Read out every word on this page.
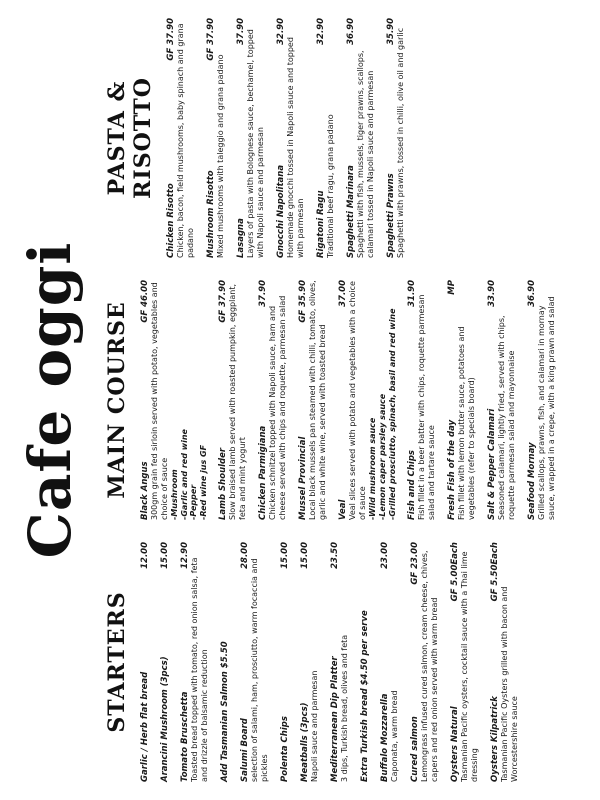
Cafe oggi
STARTERS Garlic / Herb flat bread
12.00
Arancini Mushroom (3pcs)
15.00
Tomato Bruschetta
12.90
Toasted bread topped with tomato, red onion salsa, feta and drizzle of balsamic reduction Add Tasmanian Salmon $5.50 Salumi Board
28.00
selection of salami, ham, prosciutto, warm focaccia and pickles Polenta Chips
15.00
Meatballs (3pcs)
15.00
Napoli sauce and parmesan Mediterranean Dip Platter
23.50
3 dips, Turkish bread, olives and feta Extra Turkish bread $4.50 per serve Buffalo Mozzarella
23.00
Caponata, warm bread Cured salmon
GF 23.00 Lemongrass infused cured salmon, cream cheese, chives, capers and red onion served with warm bread Oysters Natural
GF 5.00Each Tasmanian Pacific oysters, cocktail sauce with a Thai lime dressing Oysters Kilpatrick
GF 5.50Each
Tasmanian Pacific Oysters grilled with bacon and Worcestershire sauce
MAIN COURSE Black Angus
GF 46.00 300gm grain fed sirloin served with potato, vegetables and choice of sauce -Mushroom -Garlic and red wine -Pepper -Red wine jus GF Lamb Shoulder
GF 37.90 Slow braised lamb served with roasted pumpkin, eggplant, feta and mint yogurt Chicken Parmigiana
37.90
Chicken schnitzel topped with Napoli sauce, ham and cheese served with chips and roquette, parmesan salad Mussel Provincial
GF 35.90 Local black mussels pan steamed with chilli, tomato, olives, garlic and white wine, served with toasted bread Veal
37.00 Veal slices served with potato and vegetables with a choice of sauce -Wild mushroom sauce -Lemon caper parsley sauce -Grilled prosciutto, spinach, basil and red wine Fish and Chips
31.90
Fish fillet in a beer batter with chips, roquette parmesan salad and tartare sauce Fresh Fish of the day
MP
Fish fillet with lemon butter sauce, potatoes and vegetables (refer to specials board) Salt & Pepper Calamari
33.90
Seasoned calamari, lightly fried, served with chips, roquette parmesan salad and mayonnaise Seafood Mornay
36.90
Grilled scallops, prawns, fish, and calamari in mornay sauce, wrapped in a crepe, with a king prawn and salad
PASTA & RISOTTO
Chicken Risotto
GF 37.90 Chicken, bacon, field mushrooms, baby spinach and grana padano Mushroom Risotto
GF 37.90
Mixed mushrooms with taleggio and grana padano Lasagna
37.90 Layers of pasta with Bolognese sauce, bechamel, topped with Napoli sauce and parmesan Gnocchi Napolitana
32.90
Homemade gnocchi tossed in Napoli sauce and topped with parmesan Rigatoni Ragu
32.90
Traditional beef ragu, grana padano Spaghetti Marinara
36.90
Spaghetti with fish, mussels, tiger prawns, scallops, calamari tossed in Napoli sauce and parmesan Spaghetti Prawns
35.90 Spaghetti with prawns, tossed in chilli, olive oil and garlic
